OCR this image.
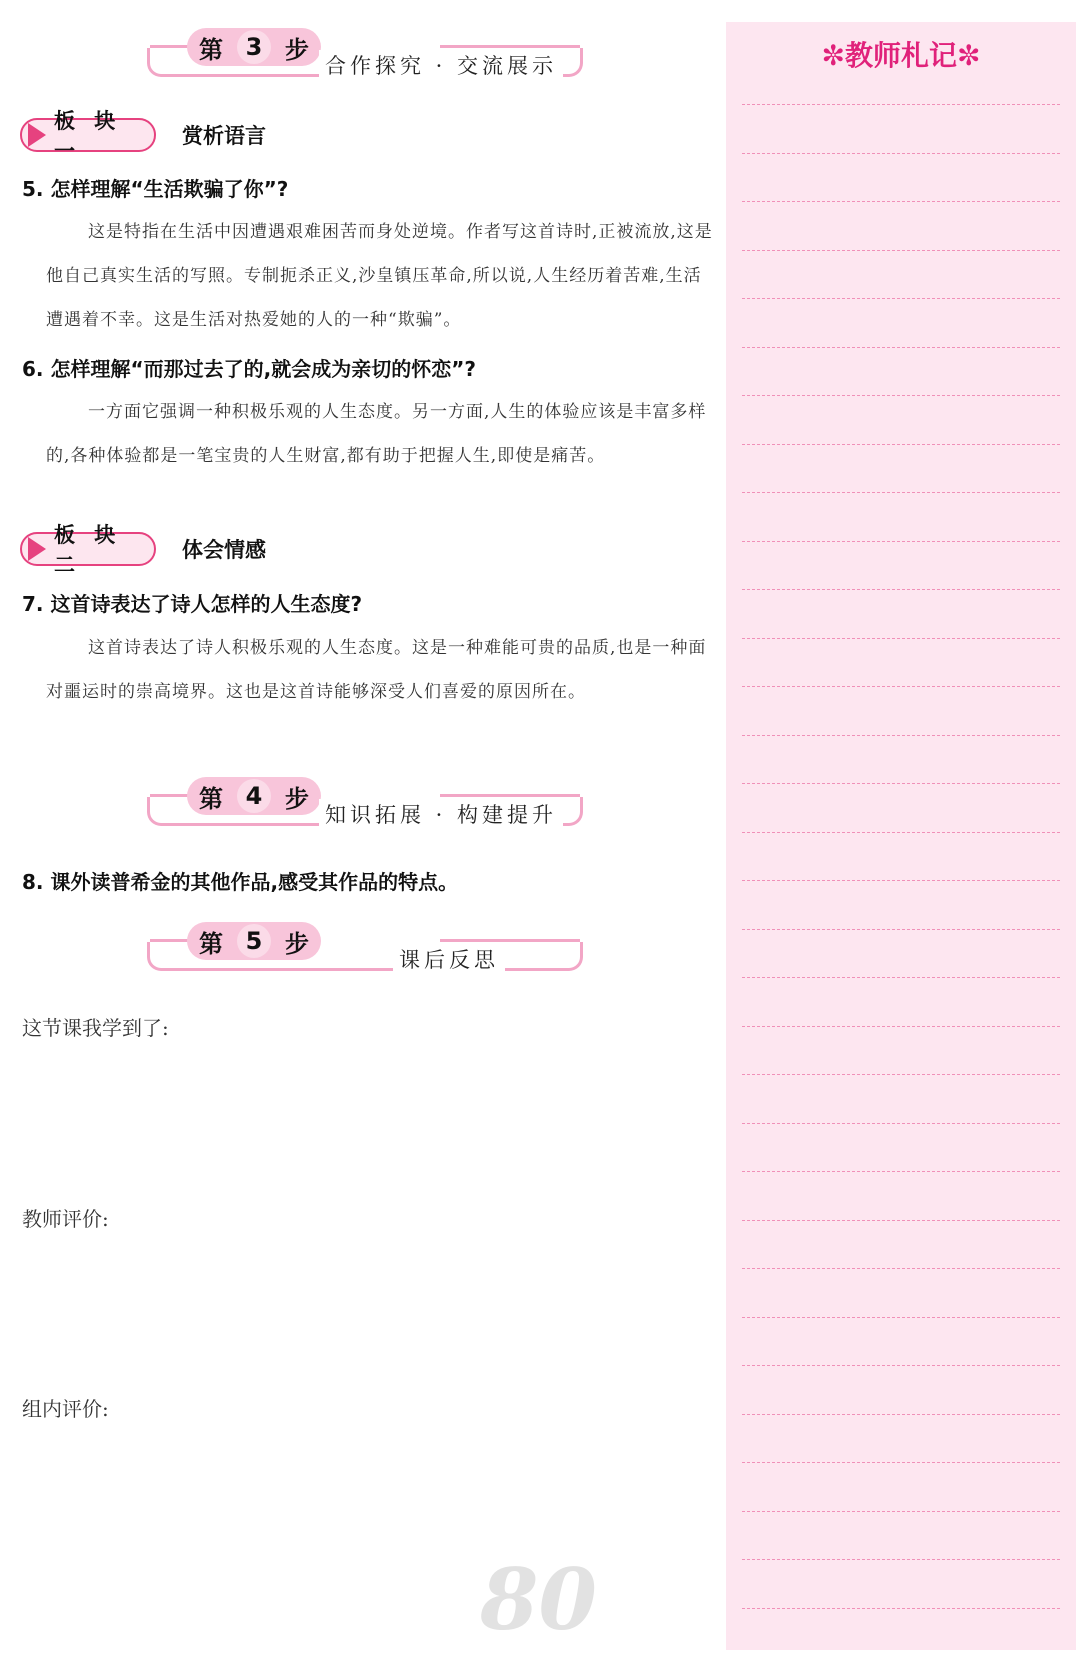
第 3 步
合作探究 · 交流展示
板 块 一
赏析语言
5. 怎样理解“生活欺骗了你”?
这是特指在生活中因遭遇艰难困苦而身处逆境。作者写这首诗时,正被流放,这是他自己真实生活的写照。专制扼杀正义,沙皇镇压革命,所以说,人生经历着苦难,生活遭遇着不幸。这是生活对热爱她的人的一种“欺骗”。
6. 怎样理解“而那过去了的,就会成为亲切的怀恋”?
一方面它强调一种积极乐观的人生态度。另一方面,人生的体验应该是丰富多样的,各种体验都是一笔宝贵的人生财富,都有助于把握人生,即使是痛苦。
板 块 二
体会情感
7. 这首诗表达了诗人怎样的人生态度?
这首诗表达了诗人积极乐观的人生态度。这是一种难能可贵的品质,也是一种面对噩运时的崇高境界。这也是这首诗能够深受人们喜爱的原因所在。
第 4 步
知识拓展 · 构建提升
8. 课外读普希金的其他作品,感受其作品的特点。
第 5 步
课后反思
这节课我学到了:
教师评价:
组内评价:
✼教师札记✼
80
